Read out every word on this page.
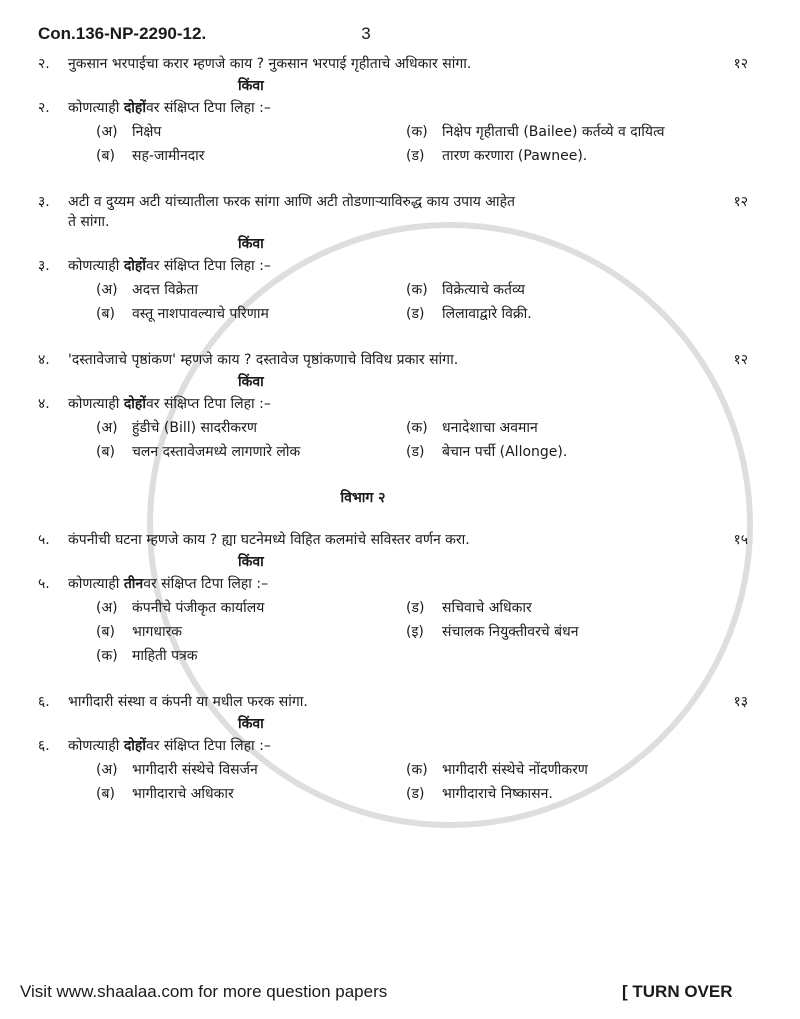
Con.136-NP-2290-12.	3
२.	नुकसान भरपाईचा करार म्हणजे काय ? नुकसान भरपाई गृहीताचे अधिकार सांगा.	१२
किंवा
२.	कोणत्याही दोहोंवर संक्षिप्त टिपा लिहा :–
(अ)	निक्षेप	(क)	निक्षेप गृहीताची (Bailee) कर्तव्ये व दायित्व
(ब)	सह-जामीनदार	(ड)	तारण करणारा (Pawnee).
३.	अटी व दुय्यम अटी यांच्यातीला फरक सांगा आणि अटी तोडणाऱ्याविरुद्ध काय उपाय आहेत
ते सांगा.
१२
किंवा
३.	कोणत्याही दोहोंवर संक्षिप्त टिपा लिहा :–
(अ)	अदत्त विक्रेता	(क)	विक्रेत्याचे कर्तव्य
(ब)	वस्तू नाशपावल्याचे परिणाम	(ड)	लिलावाद्वारे विक्री.
४.	'दस्तावेजाचे पृष्ठांकण' म्हणजे काय ? दस्तावेज पृष्ठांकणाचे विविध प्रकार सांगा.	१२
किंवा
४.	कोणत्याही दोहोंवर संक्षिप्त टिपा लिहा :–
(अ)	हुंडीचे (Bill) सादरीकरण	(क)	धनादेशाचा अवमान
(ब)	चलन दस्तावेजमध्ये लागणारे लोक	(ड)	बेचान पर्ची (Allonge).
विभाग २
५.	कंपनीची घटना म्हणजे काय ? ह्या घटनेमध्ये विहित कलमांचे सविस्तर वर्णन करा.	१५
किंवा
५.	कोणत्याही तीनवर संक्षिप्त टिपा लिहा :–
(अ)	कंपनीचे पंजीकृत कार्यालय	(ड)	सचिवाचे अधिकार
(ब)	भागधारक	(इ)	संचालक नियुक्तीवरचे बंधन
(क)	माहिती पत्रक
६.	भागीदारी संस्था व कंपनी या मधील फरक सांगा.	१३
किंवा
६.	कोणत्याही दोहोंवर संक्षिप्त टिपा लिहा :–
(अ)	भागीदारी संस्थेचे विसर्जन	(क)	भागीदारी संस्थेचे नोंदणीकरण
(ब)	भागीदाराचे अधिकार	(ड)	भागीदाराचे निष्कासन.
Visit www.shaalaa.com for more question papers	[ TURN OVER
